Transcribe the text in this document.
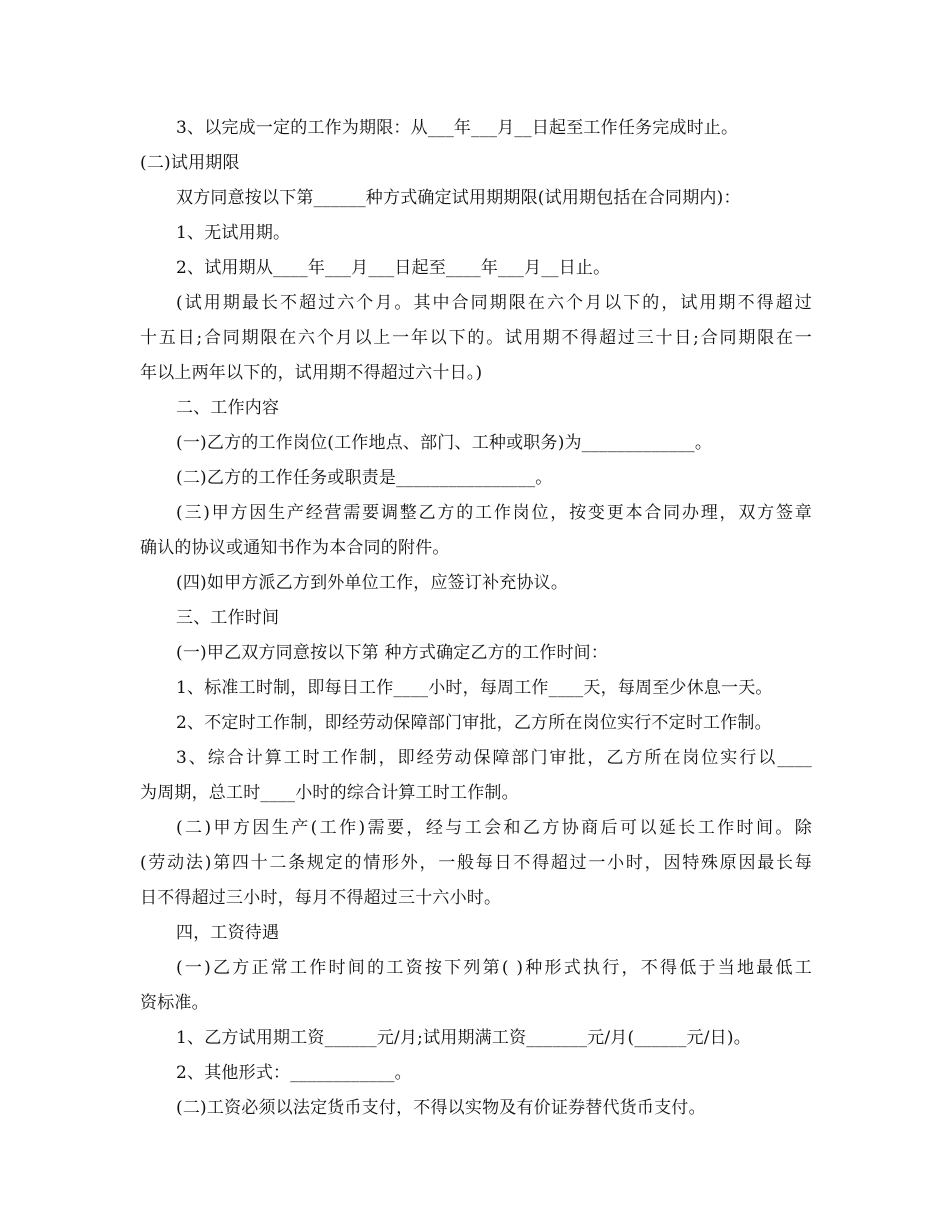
3、以完成一定的工作为期限：从___年___月__日起至工作任务完成时止。
(二)试用期限
双方同意按以下第______种方式确定试用期期限(试用期包括在合同期内)：
1、无试用期。
2、试用期从____年___月___日起至____年___月__日止。
(试用期最长不超过六个月。其中合同期限在六个月以下的，试用期不得超过
十五日;合同期限在六个月以上一年以下的。试用期不得超过三十日;合同期限在一
年以上两年以下的，试用期不得超过六十日。)
二、工作内容
(一)乙方的工作岗位(工作地点、部门、工种或职务)为_____________。
(二)乙方的工作任务或职责是________________。
(三)甲方因生产经营需要调整乙方的工作岗位，按变更本合同办理，双方签章
确认的协议或通知书作为本合同的附件。
(四)如甲方派乙方到外单位工作，应签订补充协议。
三、工作时间
(一)甲乙双方同意按以下第 种方式确定乙方的工作时间：
1、标准工时制，即每日工作____小时，每周工作____天，每周至少休息一天。
2、不定时工作制，即经劳动保障部门审批，乙方所在岗位实行不定时工作制。
3、综合计算工时工作制，即经劳动保障部门审批，乙方所在岗位实行以____
为周期，总工时____小时的综合计算工时工作制。
(二)甲方因生产(工作)需要，经与工会和乙方协商后可以延长工作时间。除
(劳动法)第四十二条规定的情形外，一般每日不得超过一小时，因特殊原因最长每
日不得超过三小时，每月不得超过三十六小时。
四，工资待遇
(一)乙方正常工作时间的工资按下列第( )种形式执行，不得低于当地最低工
资标准。
1、乙方试用期工资______元/月;试用期满工资_______元/月(______元/日)。
2、其他形式：____________。
(二)工资必须以法定货币支付，不得以实物及有价证券替代货币支付。
